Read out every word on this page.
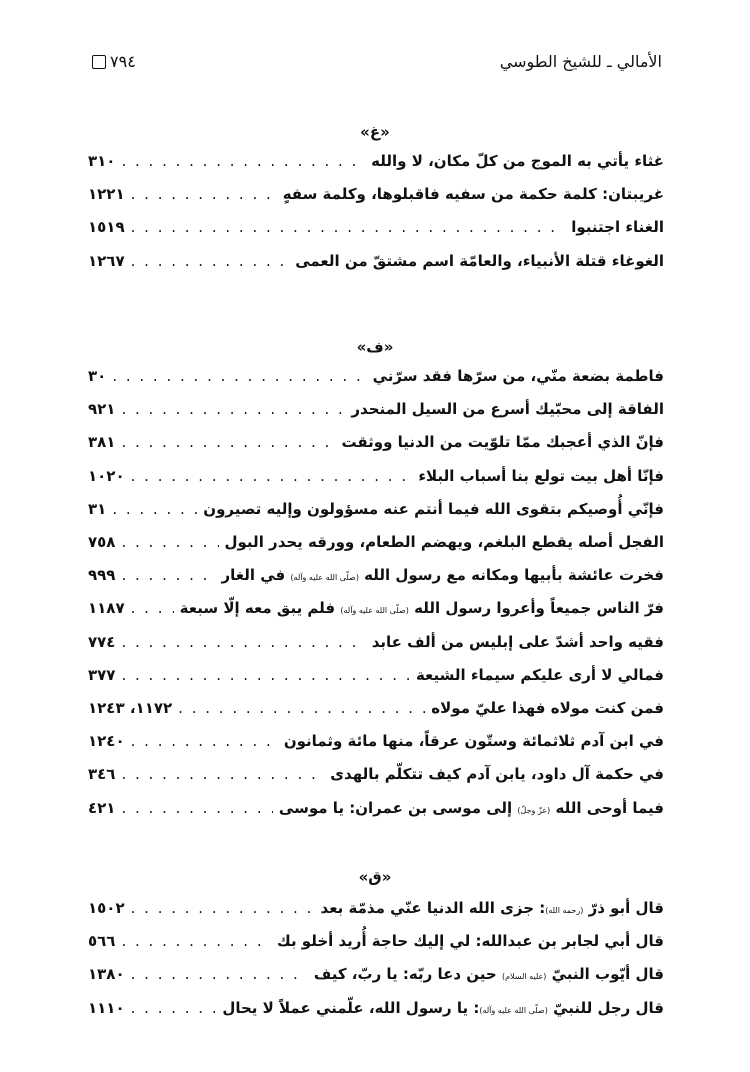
الأمالي ـ للشيخ الطوسي
٧٩٤
«غ»
غثاء يأتي به الموج من كلّ مكان، لا والله
. . .
٣١٠
غريبتان: كلمة حكمة من سفيه فاقبلوها، وكلمة سفهٍ
. . .
١٢٢١
الغناء اجتنبوا
. . .
١٥١٩
الغوغاء قتلة الأنبياء، والعامّة اسم مشتقّ من العمى
. . .
١٢٦٧
«ف»
فاطمة بضعة منّي، من سرّها فقد سرّني
. . .
٣٠
الفاقة إلى محبّيك أسرع من السيل المنحدر
. . .
٩٢١
فإنّ الذي أعجبك ممّا تلوّيت من الدنيا ووثقت
. . .
٣٨١
فإنّا أهل بيت تولع بنا أسباب البلاء
. . .
١٠٢٠
فإنّي أُوصيكم بتقوى الله فيما أنتم عنه مسؤولون وإليه تصيرون
. . .
٣١
الفجل أصله يقطع البلغم، ويهضم الطعام، وورقه يحدر البول
. . .
٧٥٨
فخرت عائشة بأبيها ومكانه مع رسول الله (صلّى الله عليه وآله) في الغار
. . .
٩٩٩
فرّ الناس جميعاً وأعروا رسول الله (صلّى الله عليه وآله) فلم يبق معه إلّا سبعة
. . .
١١٨٧
فقيه واحد أشدّ على إبليس من ألف عابد
. . .
٧٧٤
فمالي لا أرى عليكم سيماء الشيعة
. . .
٣٧٧
فمن كنت مولاه فهذا عليّ مولاه
. . .
١١٧٢، ١٢٤٣
في ابن آدم ثلاثمائة وستّون عرقاً، منها مائة وثمانون
. . .
١٢٤٠
في حكمة آل داود، يابن آدم كيف تتكلّم بالهدى
. . .
٣٤٦
فيما أوحى الله (عزّ وجلّ) إلى موسى بن عمران: يا موسى
. . .
٤٢١
«ق»
قال أبو ذرّ (رحمه الله): جزى الله الدنيا عنّي مذمّة بعد
. . .
١٥٠٢
قال أبي لجابر بن عبدالله: لي إليك حاجة أُريد أخلو بك
. . .
٥٦٦
قال أيّوب النبيّ (عليه السلام) حين دعا ربّه: يا ربّ، كيف
. . .
١٣٨٠
قال رجل للنبيّ (صلّى الله عليه وآله): يا رسول الله، علّمني عملاً لا يحال
. . .
١١١٠
